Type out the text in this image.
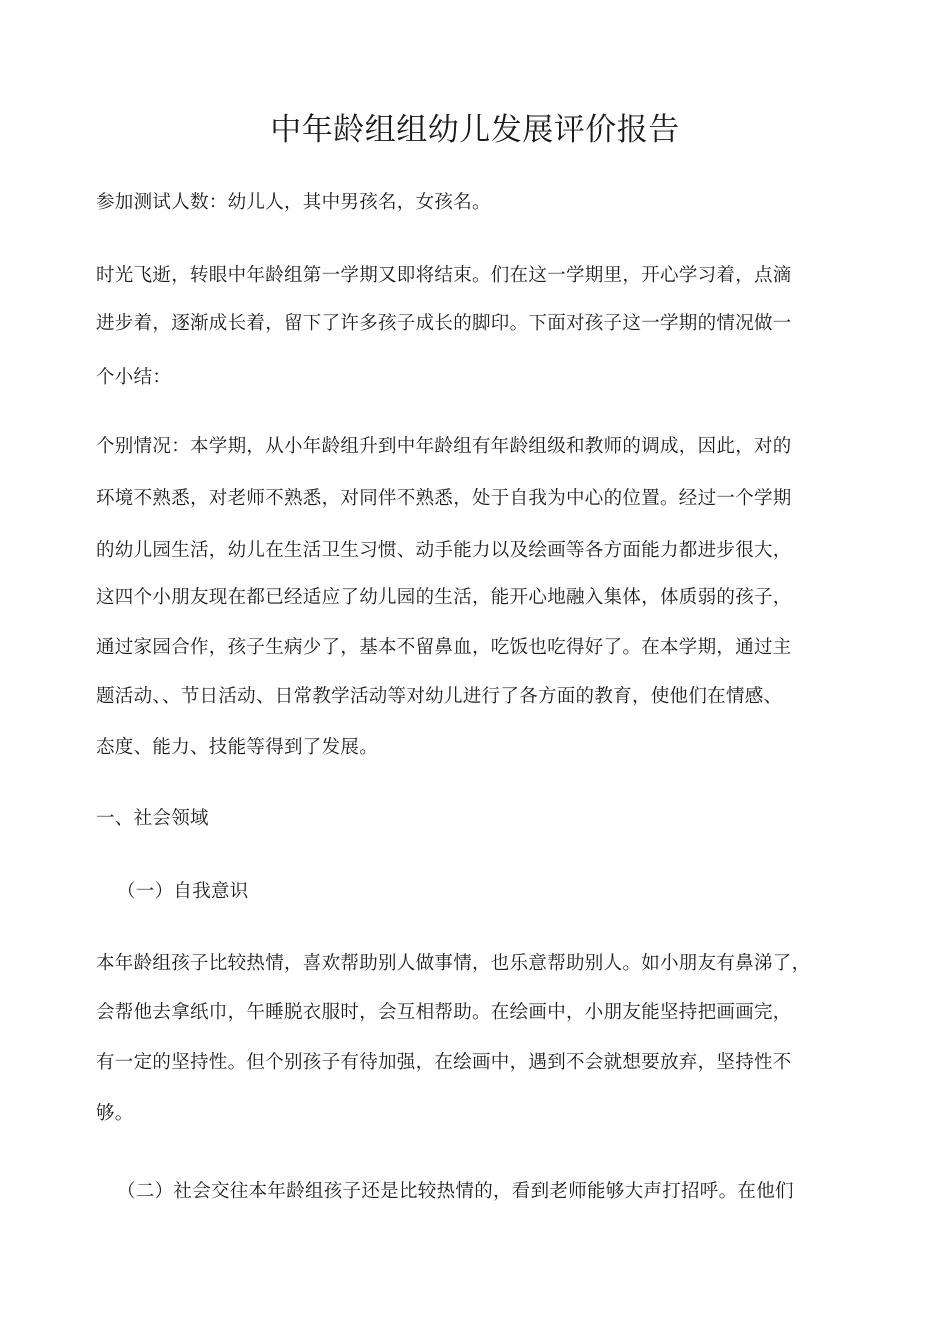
中年龄组组幼儿发展评价报告
参加测试人数：幼儿人，其中男孩名，女孩名。
时光飞逝，转眼中年龄组第一学期又即将结束。们在这一学期里，开心学习着，点滴
进步着，逐渐成长着，留下了许多孩子成长的脚印。下面对孩子这一学期的情况做一
个小结：
个别情况：本学期，从小年龄组升到中年龄组有年龄组级和教师的调成，因此，对的
环境不熟悉，对老师不熟悉，对同伴不熟悉，处于自我为中心的位置。经过一个学期
的幼儿园生活，幼儿在生活卫生习惯、动手能力以及绘画等各方面能力都进步很大，
这四个小朋友现在都已经适应了幼儿园的生活，能开心地融入集体，体质弱的孩子，
通过家园合作，孩子生病少了，基本不留鼻血，吃饭也吃得好了。在本学期，通过主
题活动、、节日活动、日常教学活动等对幼儿进行了各方面的教育，使他们在情感、
态度、能力、技能等得到了发展。
一、社会领域
（一）自我意识
本年龄组孩子比较热情，喜欢帮助别人做事情，也乐意帮助别人。如小朋友有鼻涕了，
会帮他去拿纸巾，午睡脱衣服时，会互相帮助。在绘画中，小朋友能坚持把画画完，
有一定的坚持性。但个别孩子有待加强，在绘画中，遇到不会就想要放弃，坚持性不
够。
（二）社会交往本年龄组孩子还是比较热情的，看到老师能够大声打招呼。在他们
